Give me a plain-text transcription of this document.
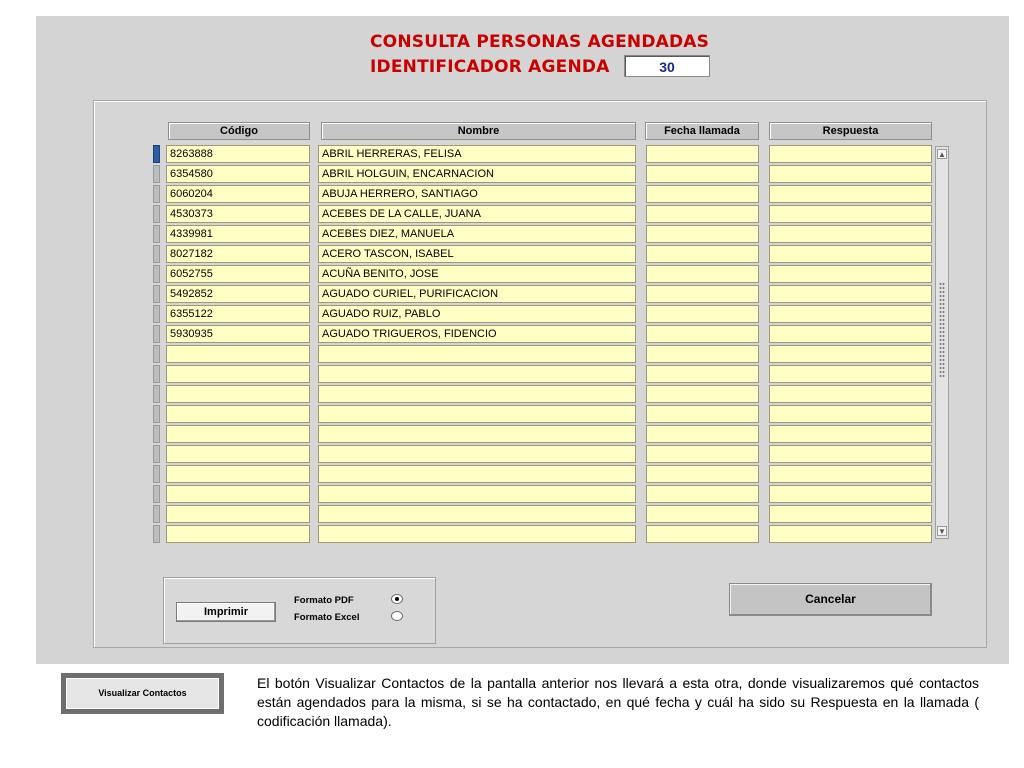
CONSULTA PERSONAS AGENDADAS
IDENTIFICADOR AGENDA	30
Código	Nombre	Fecha llamada	Respuesta
8263888	ABRIL HERRERAS, FELISA
6354580	ABRIL HOLGUIN, ENCARNACION
6060204	ABUJA HERRERO, SANTIAGO
4530373	ACEBES DE LA CALLE, JUANA
4339981	ACEBES DIEZ, MANUELA
8027182	ACERO TASCON, ISABEL
6052755	ACUÑA BENITO, JOSE
5492852	AGUADO CURIEL, PURIFICACION
6355122	AGUADO RUIZ, PABLO
5930935	AGUADO TRIGUEROS, FIDENCIO
▲
▼
Imprimir
Formato PDF
Formato Excel
Cancelar
Visualizar Contactos
El botón Visualizar Contactos de la pantalla anterior nos llevará a esta otra, donde visualizaremos qué contactos están agendados para la misma, si se ha contactado, en qué fecha y cuál ha sido su Respuesta en la llamada ( codificación llamada).
